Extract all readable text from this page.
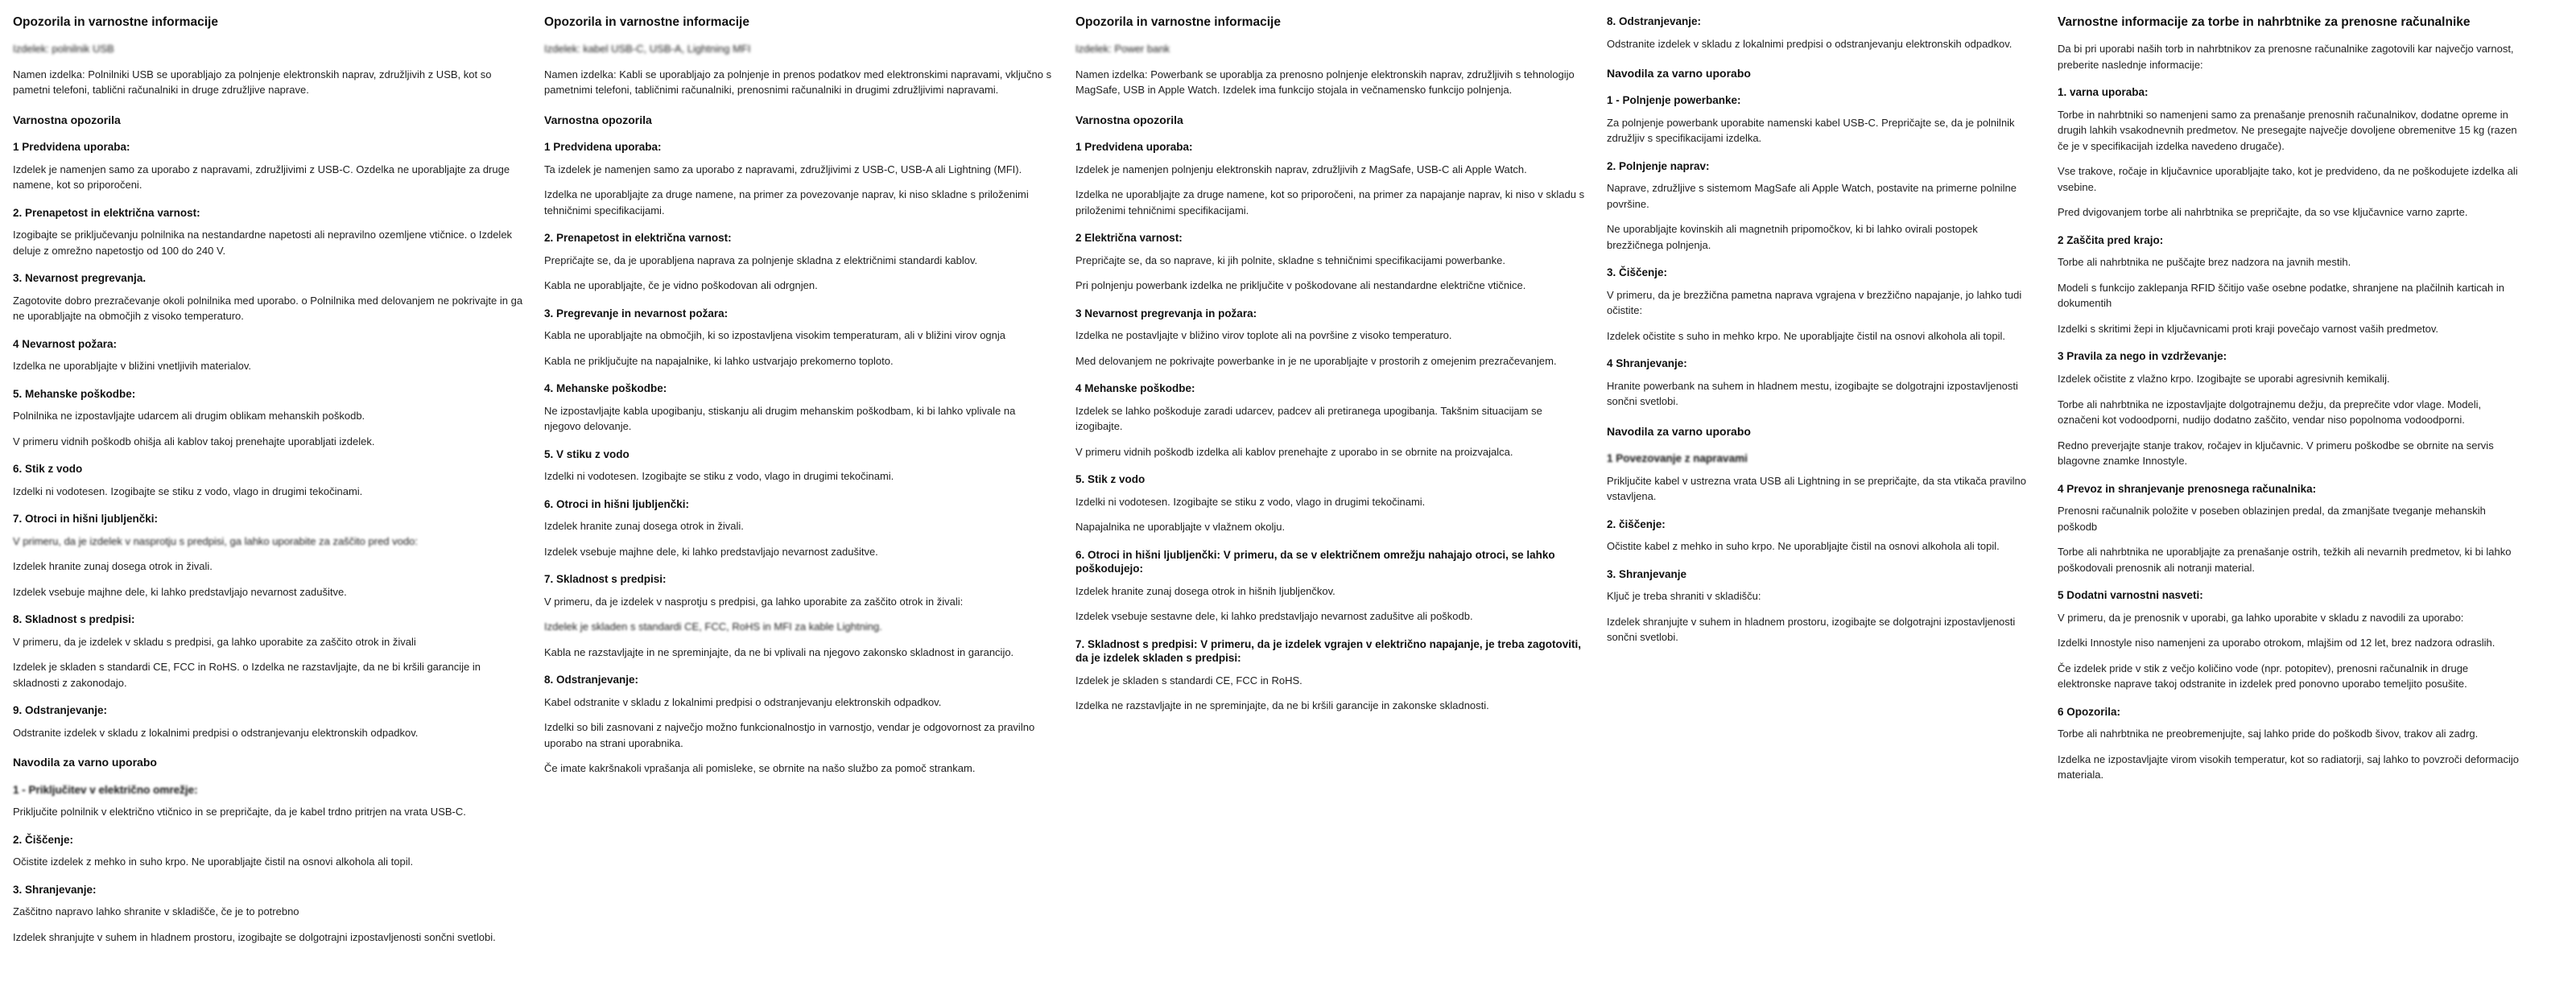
Opozorila in varnostne informacije

Izdelek: polnilnik USB

Namen izdelka: Polnilniki USB se uporabljajo za polnjenje elektronskih naprav, združljivih z USB, kot so pametni telefoni, tablični računalniki in druge združljive naprave.

Varnostna opozorila
1 Predvidena uporaba:

Izdelek je namenjen samo za uporabo z napravami, združljivimi z USB-C. Ozdelka ne uporabljajte za druge namene, kot so priporočeni.

2. Prenapetost in električna varnost:

Izogibajte se priključevanju polnilnika na nestandardne napetosti ali nepravilno ozemljene vtičnice. o Izdelek deluje z omrežno napetostjo od 100 do 240 V.

3. Nevarnost pregrevanja.

Zagotovite dobro prezračevanje okoli polnilnika med uporabo. o Polnilnika med delovanjem ne pokrivajte in ga ne uporabljajte na območjih z visoko temperaturo.

4 Nevarnost požara:

Izdelka ne uporabljajte v bližini vnetljivih materialov.

5. Mehanske poškodbe:

Polnilnika ne izpostavljajte udarcem ali drugim oblikam mehanskih poškodb.

V primeru vidnih poškodb ohišja ali kablov takoj prenehajte uporabljati izdelek.

6. Stik z vodo

Izdelki ni vodotesen. Izogibajte se stiku z vodo, vlago in drugimi tekočinami.

7. Otroci in hišni ljubljenčki:

V primeru, da je izdelek v nasprotju s predpisi, ga lahko uporabite za zaščito pred vodo:

Izdelek hranite zunaj dosega otrok in živali.

Izdelek vsebuje majhne dele, ki lahko predstavljajo nevarnost zadušitve.

8. Skladnost s predpisi:

V primeru, da je izdelek v skladu s predpisi, ga lahko uporabite za zaščito otrok in živali

Izdelek je skladen s standardi CE, FCC in RoHS. o Izdelka ne razstavljajte, da ne bi kršili garancije in skladnosti z zakonodajo.

9. Odstranjevanje:

Odstranite izdelek v skladu z lokalnimi predpisi o odstranjevanju elektronskih odpadkov.

Navodila za varno uporabo
1 - Priključitev v električno omrežje:

Priključite polnilnik v električno vtičnico in se prepričajte, da je kabel trdno pritrjen na vrata USB-C.

2. Čiščenje:

Očistite izdelek z mehko in suho krpo. Ne uporabljajte čistil na osnovi alkohola ali topil.

3. Shranjevanje:

Zaščitno napravo lahko shranite v skladišče, če je to potrebno

Izdelek shranjujte v suhem in hladnem prostoru, izogibajte se dolgotrajni izpostavljenosti sončni svetlobi.

Opozorila in varnostne informacije

Izdelek: kabel USB-C, USB-A, Lightning MFI

Namen izdelka: Kabli se uporabljajo za polnjenje in prenos podatkov med elektronskimi napravami, vključno s pametnimi telefoni, tabličnimi računalniki, prenosnimi računalniki in drugimi združljivimi napravami.

Varnostna opozorila
1 Predvidena uporaba:

Ta izdelek je namenjen samo za uporabo z napravami, združljivimi z USB-C, USB-A ali Lightning (MFI).

Izdelka ne uporabljajte za druge namene, na primer za povezovanje naprav, ki niso skladne s priloženimi tehničnimi specifikacijami.

2. Prenapetost in električna varnost:

Prepričajte se, da je uporabljena naprava za polnjenje skladna z električnimi standardi kablov.

Kabla ne uporabljajte, če je vidno poškodovan ali odrgnjen.

3. Pregrevanje in nevarnost požara:

Kabla ne uporabljajte na območjih, ki so izpostavljena visokim temperaturam, ali v bližini virov ognja

Kabla ne priključujte na napajalnike, ki lahko ustvarjajo prekomerno toploto.

4. Mehanske poškodbe:

Ne izpostavljajte kabla upogibanju, stiskanju ali drugim mehanskim poškodbam, ki bi lahko vplivale na njegovo delovanje.

5. V stiku z vodo

Izdelki ni vodotesen. Izogibajte se stiku z vodo, vlago in drugimi tekočinami.

6. Otroci in hišni ljubljenčki:

Izdelek hranite zunaj dosega otrok in živali.

Izdelek vsebuje majhne dele, ki lahko predstavljajo nevarnost zadušitve.

7. Skladnost s predpisi:

V primeru, da je izdelek v nasprotju s predpisi, ga lahko uporabite za zaščito otrok in živali:

Izdelek je skladen s standardi CE, FCC, RoHS in MFI za kable Lightning.

Kabla ne razstavljajte in ne spreminjajte, da ne bi vplivali na njegovo zakonsko skladnost in garancijo.

8. Odstranjevanje:

Kabel odstranite v skladu z lokalnimi predpisi o odstranjevanju elektronskih odpadkov.

Izdelki so bili zasnovani z največjo možno funkcionalnostjo in varnostjo, vendar je odgovornost za pravilno uporabo na strani uporabnika.

Če imate kakršnakoli vprašanja ali pomisleke, se obrnite na našo službo za pomoč strankam.

Opozorila in varnostne informacije

Izdelek: Power bank

Namen izdelka: Powerbank se uporablja za prenosno polnjenje elektronskih naprav, združljivih s tehnologijo MagSafe, USB in Apple Watch. Izdelek ima funkcijo stojala in večnamensko funkcijo polnjenja.

Varnostna opozorila
1 Predvidena uporaba:

Izdelek je namenjen polnjenju elektronskih naprav, združljivih z MagSafe, USB-C ali Apple Watch.

Izdelka ne uporabljajte za druge namene, kot so priporočeni, na primer za napajanje naprav, ki niso v skladu s priloženimi tehničnimi specifikacijami.

2 Električna varnost:

Prepričajte se, da so naprave, ki jih polnite, skladne s tehničnimi specifikacijami powerbanke.

Pri polnjenju powerbank izdelka ne priključite v poškodovane ali nestandardne električne vtičnice.

3 Nevarnost pregrevanja in požara:

Izdelka ne postavljajte v bližino virov toplote ali na površine z visoko temperaturo.

Med delovanjem ne pokrivajte powerbanke in je ne uporabljajte v prostorih z omejenim prezračevanjem.

4 Mehanske poškodbe:

Izdelek se lahko poškoduje zaradi udarcev, padcev ali pretiranega upogibanja. Takšnim situacijam se izogibajte.

V primeru vidnih poškodb izdelka ali kablov prenehajte z uporabo in se obrnite na proizvajalca.

5. Stik z vodo

Izdelki ni vodotesen. Izogibajte se stiku z vodo, vlago in drugimi tekočinami.

Napajalnika ne uporabljajte v vlažnem okolju.

6. Otroci in hišni ljubljenčki: V primeru, da se v električnem omrežju nahajajo otroci, se lahko poškodujejo:

Izdelek hranite zunaj dosega otrok in hišnih ljubljenčkov.

Izdelek vsebuje sestavne dele, ki lahko predstavljajo nevarnost zadušitve ali poškodb.

7. Skladnost s predpisi: V primeru, da je izdelek vgrajen v električno napajanje, je treba zagotoviti, da je izdelek skladen s predpisi:

Izdelek je skladen s standardi CE, FCC in RoHS.

Izdelka ne razstavljajte in ne spreminjajte, da ne bi kršili garancije in zakonske skladnosti.

8. Odstranjevanje:

Odstranite izdelek v skladu z lokalnimi predpisi o odstranjevanju elektronskih odpadkov.

Navodila za varno uporabo
1 - Polnjenje powerbanke:

Za polnjenje powerbank uporabite namenski kabel USB-C. Prepričajte se, da je polnilnik združljiv s specifikacijami izdelka.

2. Polnjenje naprav:

Naprave, združljive s sistemom MagSafe ali Apple Watch, postavite na primerne polnilne površine.

Ne uporabljajte kovinskih ali magnetnih pripomočkov, ki bi lahko ovirali postopek brezžičnega polnjenja.

3. Čiščenje:

V primeru, da je brezžična pametna naprava vgrajena v brezžično napajanje, jo lahko tudi očistite:

Izdelek očistite s suho in mehko krpo. Ne uporabljajte čistil na osnovi alkohola ali topil.

4 Shranjevanje:

Hranite powerbank na suhem in hladnem mestu, izogibajte se dolgotrajni izpostavljenosti sončni svetlobi.

Navodila za varno uporabo
1 Povezovanje z napravami

Priključite kabel v ustrezna vrata USB ali Lightning in se prepričajte, da sta vtikača pravilno vstavljena.

2. čiščenje:

Očistite kabel z mehko in suho krpo. Ne uporabljajte čistil na osnovi alkohola ali topil.

3. Shranjevanje

Ključ je treba shraniti v skladišču:

Izdelek shranjujte v suhem in hladnem prostoru, izogibajte se dolgotrajni izpostavljenosti sončni svetlobi.

Varnostne informacije za torbe in nahrbtnike za prenosne računalnike

Da bi pri uporabi naših torb in nahrbtnikov za prenosne računalnike zagotovili kar največjo varnost, preberite naslednje informacije:

1. varna uporaba:

Torbe in nahrbtniki so namenjeni samo za prenašanje prenosnih računalnikov, dodatne opreme in drugih lahkih vsakodnevnih predmetov. Ne presegajte največje dovoljene obremenitve 15 kg (razen če je v specifikacijah izdelka navedeno drugače).

Vse trakove, ročaje in ključavnice uporabljajte tako, kot je predvideno, da ne poškodujete izdelka ali vsebine.

Pred dvigovanjem torbe ali nahrbtnika se prepričajte, da so vse ključavnice varno zaprte.

2 Zaščita pred krajo:

Torbe ali nahrbtnika ne puščajte brez nadzora na javnih mestih.

Modeli s funkcijo zaklepanja RFID ščitijo vaše osebne podatke, shranjene na plačilnih karticah in dokumentih

Izdelki s skritimi žepi in ključavnicami proti kraji povečajo varnost vaših predmetov.

3 Pravila za nego in vzdrževanje:

Izdelek očistite z vlažno krpo. Izogibajte se uporabi agresivnih kemikalij.

Torbe ali nahrbtnika ne izpostavljajte dolgotrajnemu dežju, da preprečite vdor vlage. Modeli, označeni kot vodoodporni, nudijo dodatno zaščito, vendar niso popolnoma vodoodporni.

Redno preverjajte stanje trakov, ročajev in ključavnic. V primeru poškodbe se obrnite na servis blagovne znamke Innostyle.

4 Prevoz in shranjevanje prenosnega računalnika:

Prenosni računalnik položite v poseben oblazinjen predal, da zmanjšate tveganje mehanskih poškodb

Torbe ali nahrbtnika ne uporabljajte za prenašanje ostrih, težkih ali nevarnih predmetov, ki bi lahko poškodovali prenosnik ali notranji material.

5 Dodatni varnostni nasveti:

V primeru, da je prenosnik v uporabi, ga lahko uporabite v skladu z navodili za uporabo:

Izdelki Innostyle niso namenjeni za uporabo otrokom, mlajšim od 12 let, brez nadzora odraslih.

Če izdelek pride v stik z večjo količino vode (npr. potopitev), prenosni računalnik in druge elektronske naprave takoj odstranite in izdelek pred ponovno uporabo temeljito posušite.

6 Opozorila:

Torbe ali nahrbtnika ne preobremenjujte, saj lahko pride do poškodb šivov, trakov ali zadrg.

Izdelka ne izpostavljajte virom visokih temperatur, kot so radiatorji, saj lahko to povzroči deformacijo materiala.
